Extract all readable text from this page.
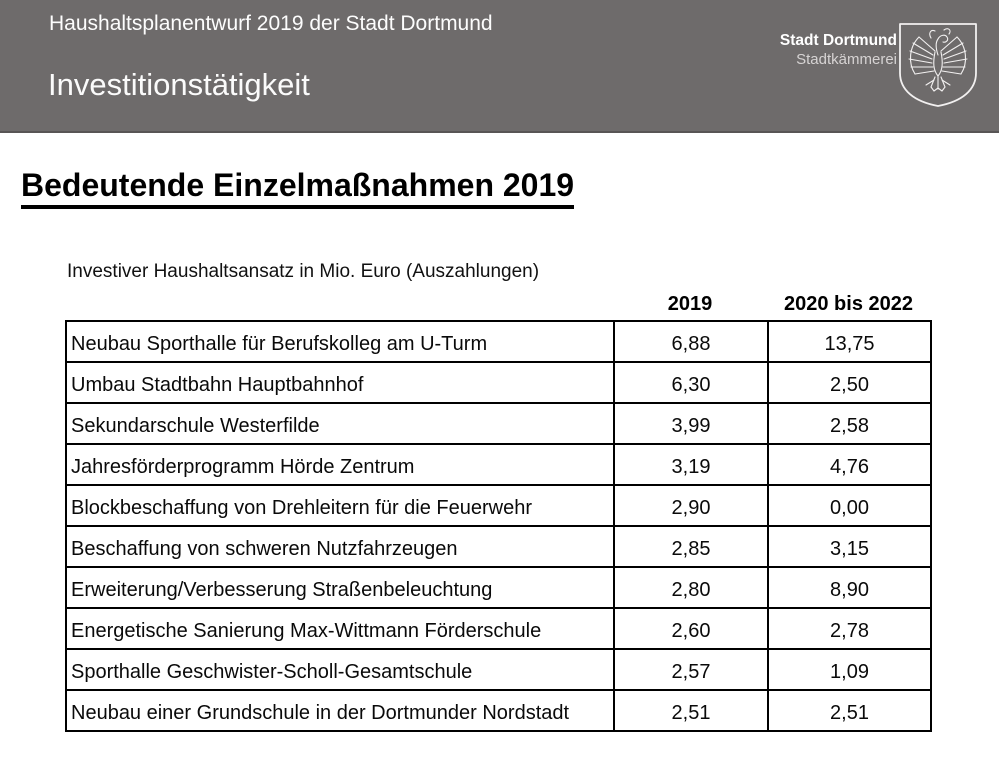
Haushaltsplanentwurf 2019 der Stadt Dortmund
Investitionstätigkeit
Stadt Dortmund
Stadtkämmerei
Bedeutende Einzelmaßnahmen 2019
Investiver Haushaltsansatz in Mio. Euro (Auszahlungen)
2019	2020 bis 2022
Neubau Sporthalle für Berufskolleg am U-Turm	6,88	13,75
Umbau Stadtbahn Hauptbahnhof	6,30	2,50
Sekundarschule Westerfilde	3,99	2,58
Jahresförderprogramm Hörde Zentrum	3,19	4,76
Blockbeschaffung von Drehleitern für die Feuerwehr	2,90	0,00
Beschaffung von schweren Nutzfahrzeugen	2,85	3,15
Erweiterung/Verbesserung Straßenbeleuchtung	2,80	8,90
Energetische Sanierung Max-Wittmann Förderschule	2,60	2,78
Sporthalle Geschwister-Scholl-Gesamtschule	2,57	1,09
Neubau einer Grundschule in der Dortmunder Nordstadt	2,51	2,51
